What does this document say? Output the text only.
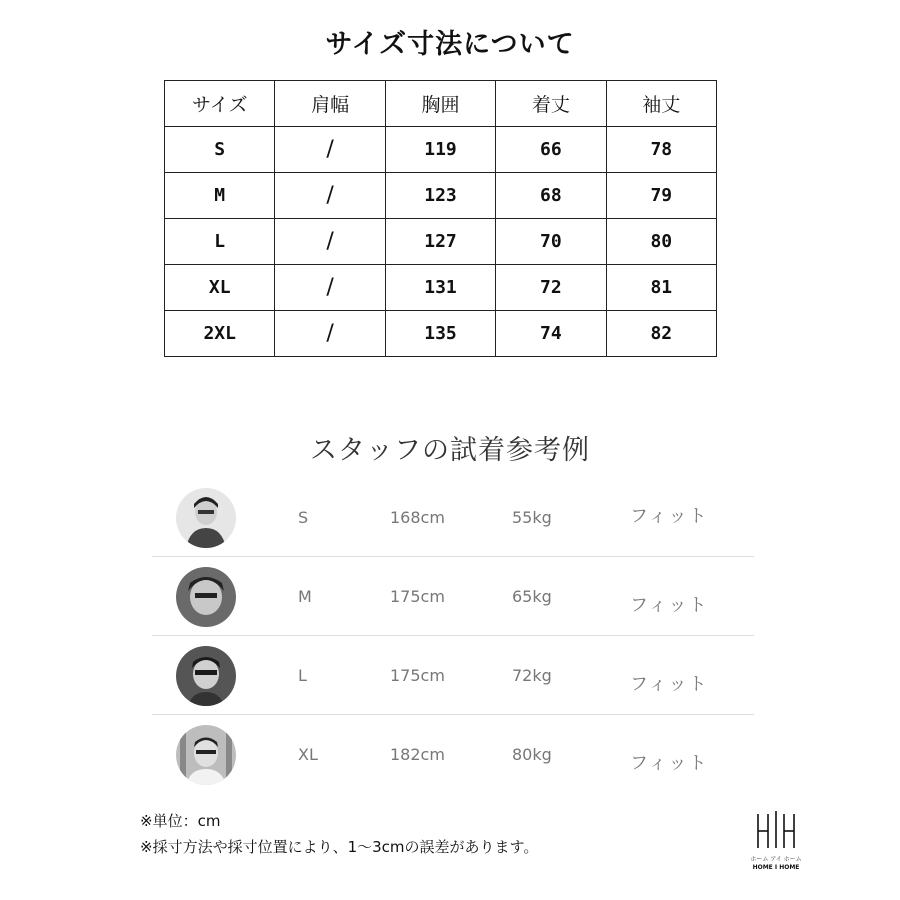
サイズ寸法について
サイズ	肩幅	胸囲	着丈	袖丈
S	/	119	66	78
M	/	123	68	79
L	/	127	70	80
XL	/	131	72	81
2XL	/	135	74	82
スタッフの試着参考例
S	168cm	55kg	フィット
M	175cm	65kg	フィット
L	175cm	72kg	フィット
XL	182cm	80kg	フィット
※単位：cm
※採寸方法や採寸位置により、1～3cmの誤差があります。
ホーム アイ ホーム
HOME I HOME
